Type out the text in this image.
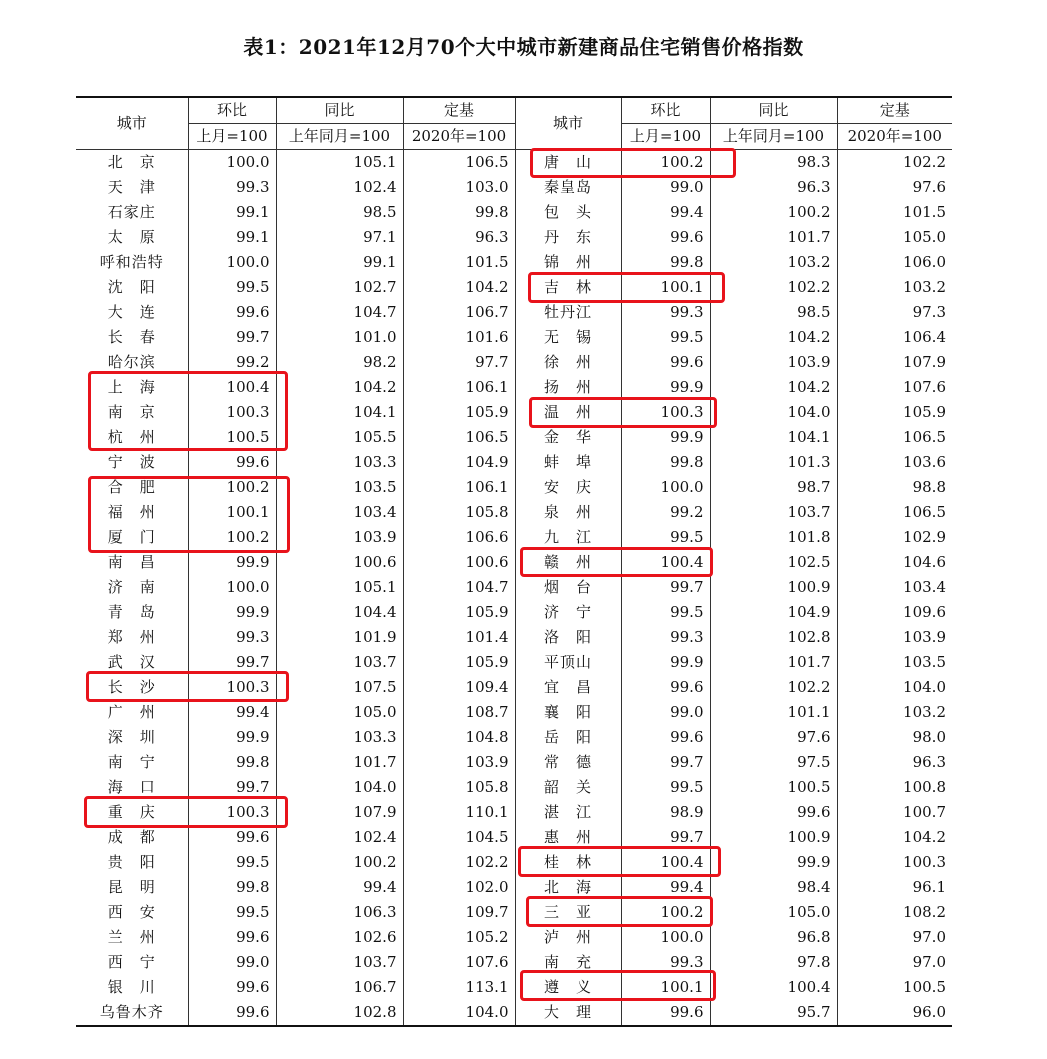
表1：2021年12月70个大中城市新建商品住宅销售价格指数
城市	环比	同比	定基	城市	环比	同比	定基
	上月=100	上年同月=100	2020年=100		上月=100	上年同月=100	2020年=100
北　京	100.0	105.1	106.5	唐　山	100.2	98.3	102.2
天　津	99.3	102.4	103.0	秦皇岛	99.0	96.3	97.6
石家庄	99.1	98.5	99.8	包　头	99.4	100.2	101.5
太　原	99.1	97.1	96.3	丹　东	99.6	101.7	105.0
呼和浩特	100.0	99.1	101.5	锦　州	99.8	103.2	106.0
沈　阳	99.5	102.7	104.2	吉　林	100.1	102.2	103.2
大　连	99.6	104.7	106.7	牡丹江	99.3	98.5	97.3
长　春	99.7	101.0	101.6	无　锡	99.5	104.2	106.4
哈尔滨	99.2	98.2	97.7	徐　州	99.6	103.9	107.9
上　海	100.4	104.2	106.1	扬　州	99.9	104.2	107.6
南　京	100.3	104.1	105.9	温　州	100.3	104.0	105.9
杭　州	100.5	105.5	106.5	金　华	99.9	104.1	106.5
宁　波	99.6	103.3	104.9	蚌　埠	99.8	101.3	103.6
合　肥	100.2	103.5	106.1	安　庆	100.0	98.7	98.8
福　州	100.1	103.4	105.8	泉　州	99.2	103.7	106.5
厦　门	100.2	103.9	106.6	九　江	99.5	101.8	102.9
南　昌	99.9	100.6	100.6	赣　州	100.4	102.5	104.6
济　南	100.0	105.1	104.7	烟　台	99.7	100.9	103.4
青　岛	99.9	104.4	105.9	济　宁	99.5	104.9	109.6
郑　州	99.3	101.9	101.4	洛　阳	99.3	102.8	103.9
武　汉	99.7	103.7	105.9	平顶山	99.9	101.7	103.5
长　沙	100.3	107.5	109.4	宜　昌	99.6	102.2	104.0
广　州	99.4	105.0	108.7	襄　阳	99.0	101.1	103.2
深　圳	99.9	103.3	104.8	岳　阳	99.6	97.6	98.0
南　宁	99.8	101.7	103.9	常　德	99.7	97.5	96.3
海　口	99.7	104.0	105.8	韶　关	99.5	100.5	100.8
重　庆	100.3	107.9	110.1	湛　江	98.9	99.6	100.7
成　都	99.6	102.4	104.5	惠　州	99.7	100.9	104.2
贵　阳	99.5	100.2	102.2	桂　林	100.4	99.9	100.3
昆　明	99.8	99.4	102.0	北　海	99.4	98.4	96.1
西　安	99.5	106.3	109.7	三　亚	100.2	105.0	108.2
兰　州	99.6	102.6	105.2	泸　州	100.0	96.8	97.0
西　宁	99.0	103.7	107.6	南　充	99.3	97.8	97.0
银　川	99.6	106.7	113.1	遵　义	100.1	100.4	100.5
乌鲁木齐	99.6	102.8	104.0	大　理	99.6	95.7	96.0
